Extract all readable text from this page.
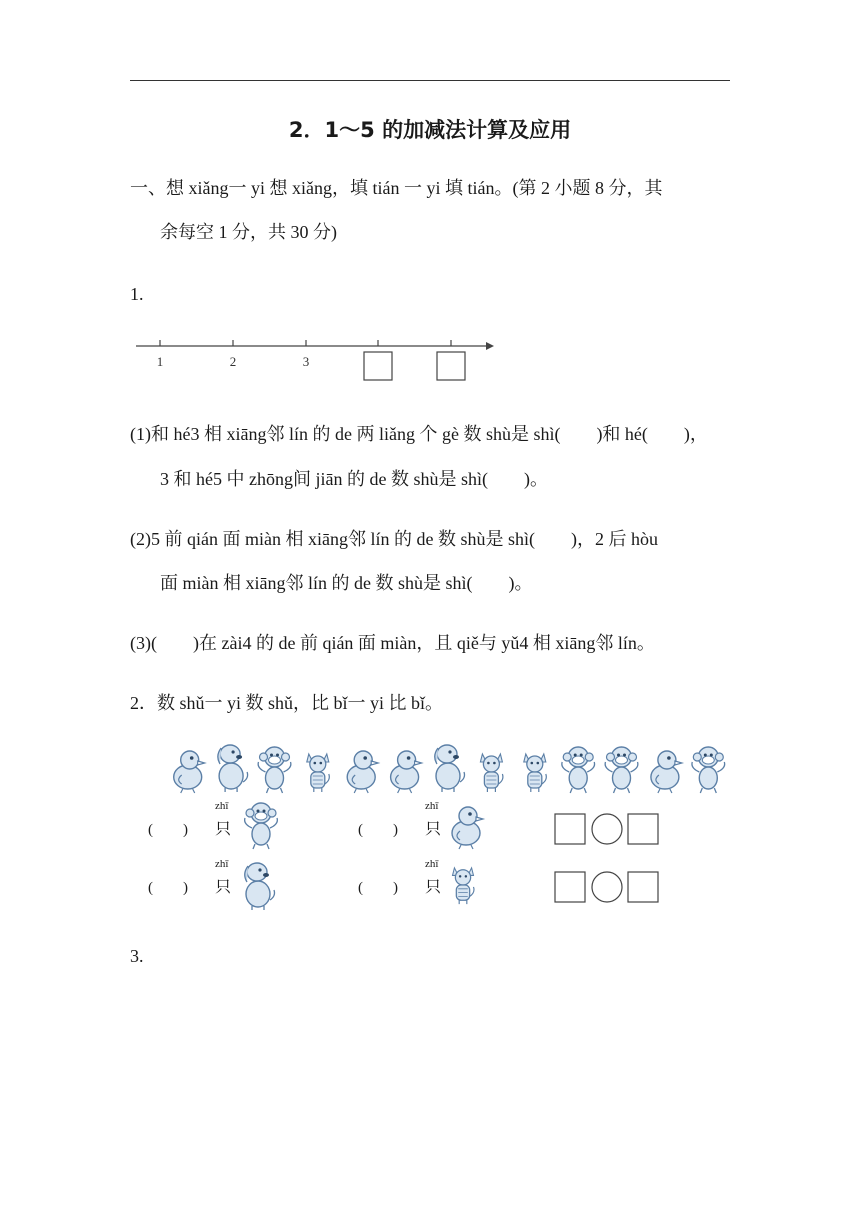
2．1～5 的加减法计算及应用
一、想 xiǎng一 yi 想 xiǎng，填 tián 一 yi 填 tián。(第 2 小题 8 分，其
余每空 1 分，共 30 分)
1.
1	2	3
(1)和 hé3 相 xiāng邻 lín 的 de 两 liǎng 个 gè 数 shù是 shì(　　)和 hé(　　)，
3 和 hé5 中 zhōng间 jiān 的 de 数 shù是 shì(　　)。
(2)5 前 qián 面 miàn 相 xiāng邻 lín 的 de 数 shù是 shì(　　)，2 后 hòu
面 miàn 相 xiāng邻 lín 的 de 数 shù是 shì(　　)。
(3)(　　)在 zài4 的 de 前 qián 面 miàn，且 qiě与 yǔ4 相 xiāng邻 lín。
2．数 shǔ一 yi 数 shǔ，比 bǐ一 yi 比 bǐ。
(　　)
zhī
只	(　　)
zhī
只
(　　)
zhī
只	(　　)
zhī
只
3.
